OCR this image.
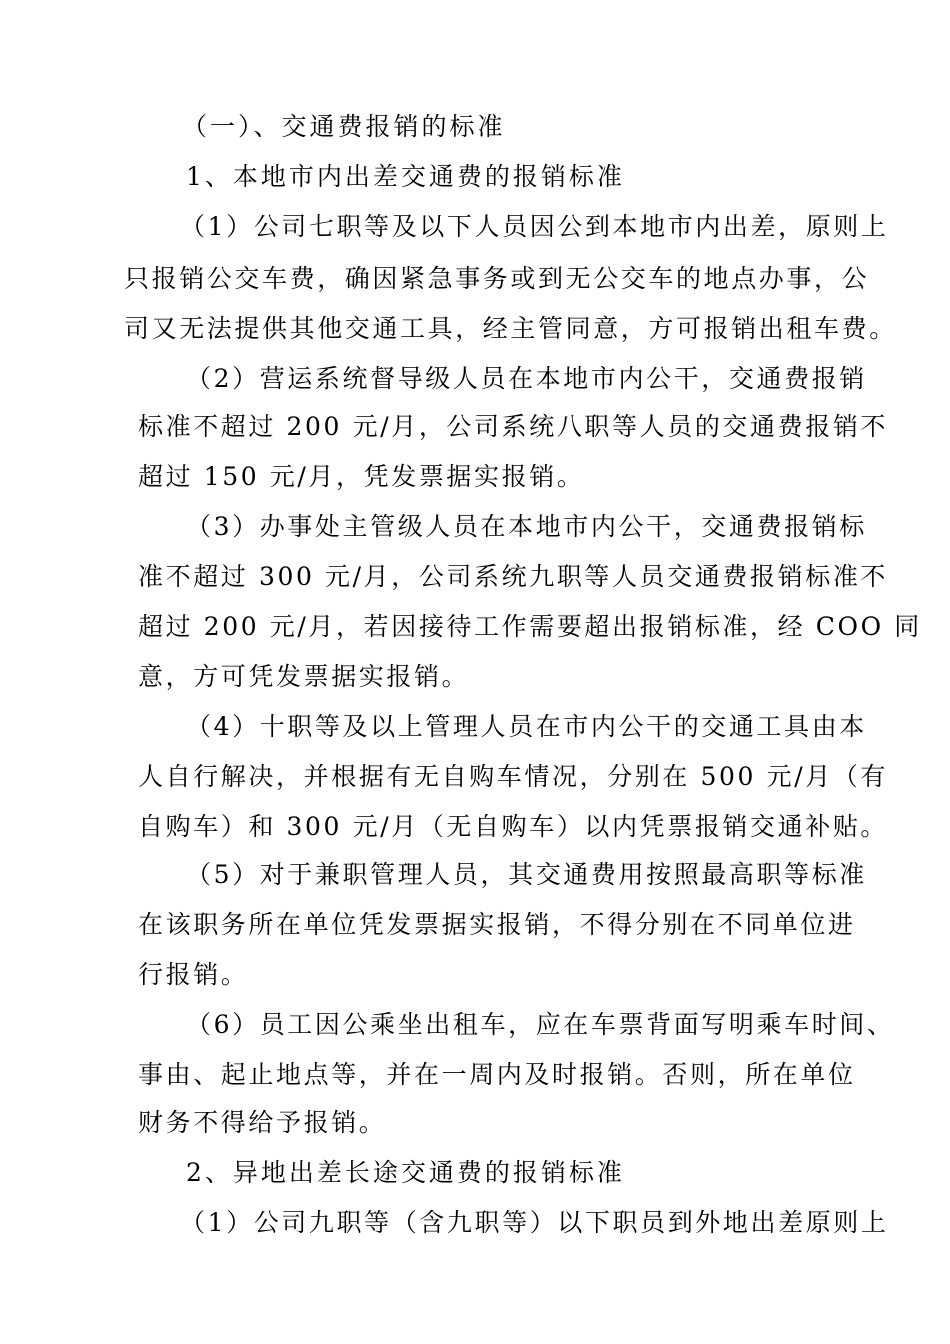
（一）、交通费报销的标准
1、本地市内出差交通费的报销标准
（1）公司七职等及以下人员因公到本地市内出差，原则上
只报销公交车费，确因紧急事务或到无公交车的地点办事，公
司又无法提供其他交通工具，经主管同意，方可报销出租车费。
（2）营运系统督导级人员在本地市内公干，交通费报销
标准不超过 200 元/月，公司系统八职等人员的交通费报销不
超过 150 元/月，凭发票据实报销。
（3）办事处主管级人员在本地市内公干，交通费报销标
准不超过 300 元/月，公司系统九职等人员交通费报销标准不
超过 200 元/月，若因接待工作需要超出报销标准，经 COO 同
意，方可凭发票据实报销。
（4）十职等及以上管理人员在市内公干的交通工具由本
人自行解决，并根据有无自购车情况，分别在 500 元/月（有
自购车）和 300 元/月（无自购车）以内凭票报销交通补贴。
（5）对于兼职管理人员，其交通费用按照最高职等标准
在该职务所在单位凭发票据实报销，不得分别在不同单位进
行报销。
（6）员工因公乘坐出租车，应在车票背面写明乘车时间、
事由、起止地点等，并在一周内及时报销。否则，所在单位
财务不得给予报销。
2、异地出差长途交通费的报销标准
（1）公司九职等（含九职等）以下职员到外地出差原则上
